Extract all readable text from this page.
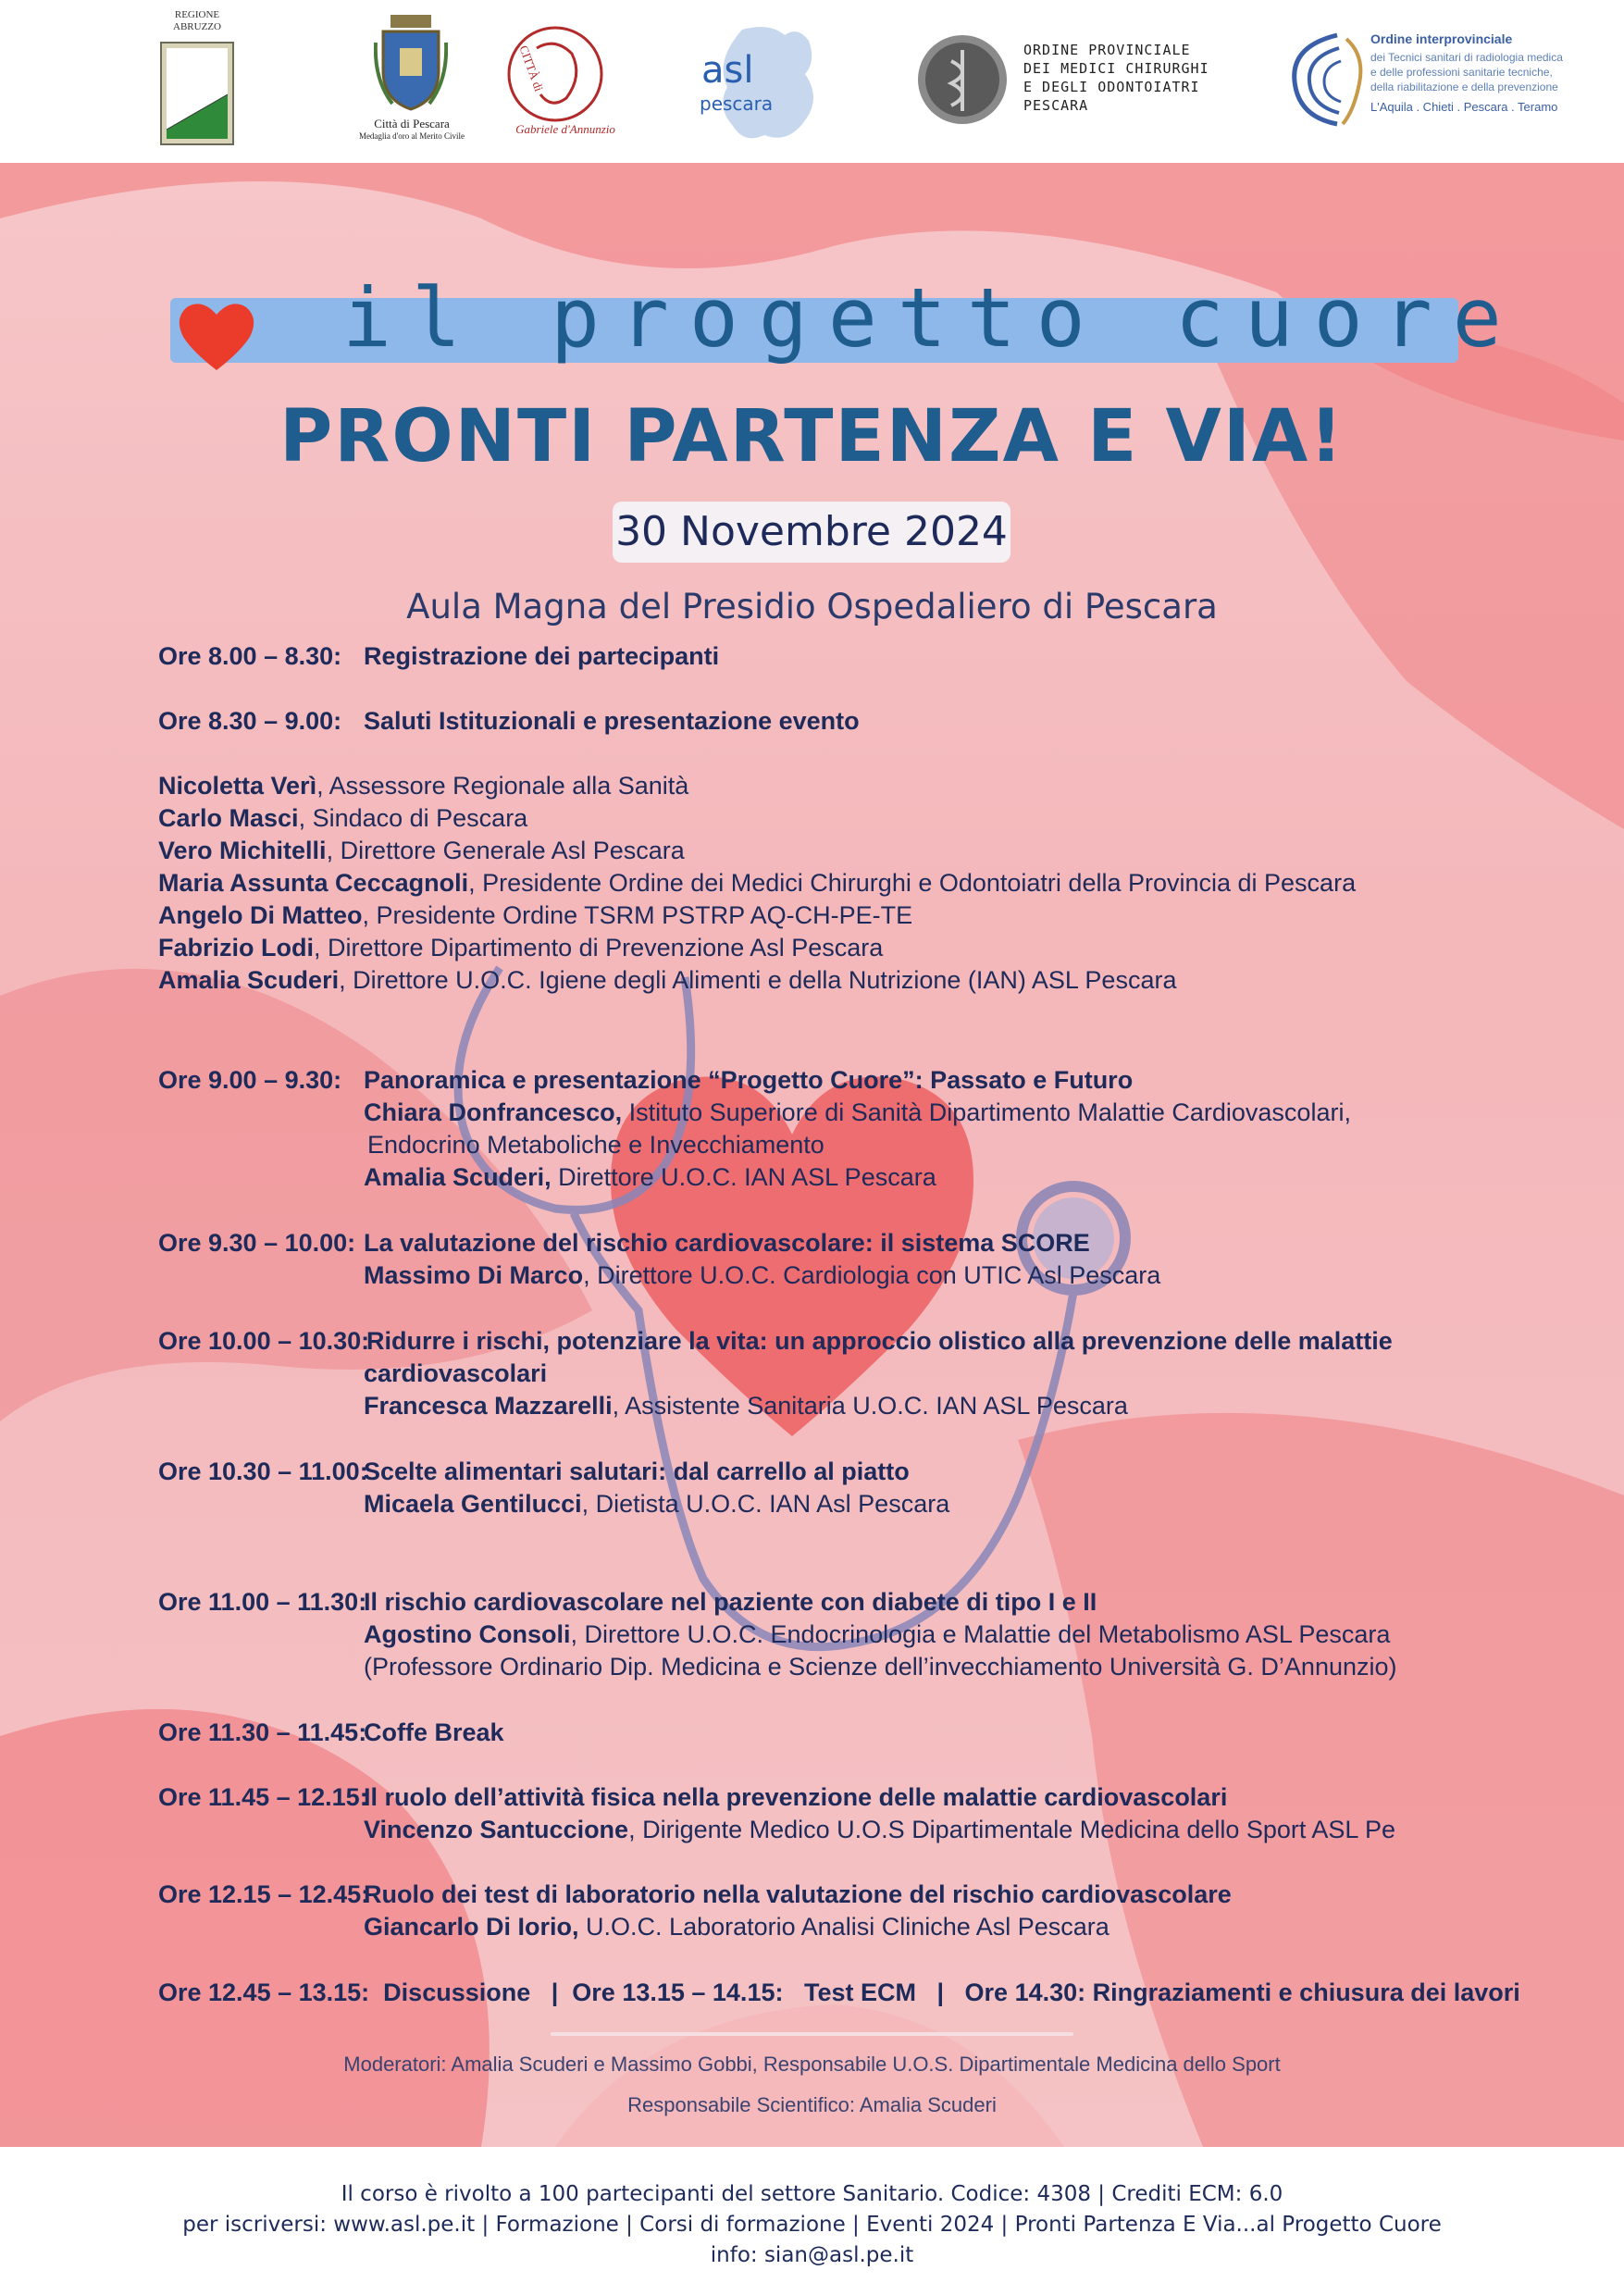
REGIONE ABRUZZO
Città di Pescara
Medaglia d'oro al Merito Civile
CITTÀ di
Gabriele d'Annunzio
asl
pescara
ORDINE PROVINCIALE
DEI MEDICI CHIRURGHI
E DEGLI ODONTOIATRI
PESCARA
Ordine interprovinciale
dei Tecnici sanitari di radiologia medica
e delle professioni sanitarie tecniche,
della riabilitazione e della prevenzione
L'Aquila . Chieti . Pescara . Teramo
il progetto cuore
PRONTI PARTENZA E VIA!
30 Novembre 2024
Aula Magna del Presidio Ospedaliero di Pescara
Ore 8.00 – 8.30: Registrazione dei partecipanti
Ore 8.30 – 9.00: Saluti Istituzionali e presentazione evento
Nicoletta Verì, Assessore Regionale alla Sanità
Carlo Masci, Sindaco di Pescara
Vero Michitelli, Direttore Generale Asl Pescara
Maria Assunta Ceccagnoli, Presidente Ordine dei Medici Chirurghi e Odontoiatri della Provincia di Pescara
Angelo Di Matteo, Presidente Ordine TSRM PSTRP AQ-CH-PE-TE
Fabrizio Lodi, Direttore Dipartimento di Prevenzione Asl Pescara
Amalia Scuderi, Direttore U.O.C. Igiene degli Alimenti e della Nutrizione (IAN) ASL Pescara
Ore 9.00 – 9.30: Panoramica e presentazione “Progetto Cuore”: Passato e Futuro
Chiara Donfrancesco, Istituto Superiore di Sanità Dipartimento Malattie Cardiovascolari,
Endocrino Metaboliche e Invecchiamento
Amalia Scuderi, Direttore U.O.C. IAN ASL Pescara
Ore 9.30 – 10.00: La valutazione del rischio cardiovascolare: il sistema SCORE
Massimo Di Marco, Direttore U.O.C. Cardiologia con UTIC Asl Pescara
Ore 10.00 – 10.30:
Ridurre i rischi, potenziare la vita: un approccio olistico alla prevenzione delle malattie
cardiovascolari
Francesca Mazzarelli, Assistente Sanitaria U.O.C. IAN ASL Pescara
Ore 10.30 – 11.00:
Scelte alimentari salutari: dal carrello al piatto
Micaela Gentilucci, Dietista U.O.C. IAN Asl Pescara
Ore 11.00 – 11.30:
Il rischio cardiovascolare nel paziente con diabete di tipo I e II
Agostino Consoli, Direttore U.O.C. Endocrinologia e Malattie del Metabolismo ASL Pescara
(Professore Ordinario Dip. Medicina e Scienze dell’invecchiamento Università G. D’Annunzio)
Ore 11.30 – 11.45:
Coffe Break
Ore 11.45 – 12.15:
Il ruolo dell’attività fisica nella prevenzione delle malattie cardiovascolari
Vincenzo Santuccione, Dirigente Medico U.O.S Dipartimentale Medicina dello Sport ASL Pe
Ore 12.15 – 12.45:
Ruolo dei test di laboratorio nella valutazione del rischio cardiovascolare
Giancarlo Di Iorio, U.O.C. Laboratorio Analisi Cliniche Asl Pescara
Ore 12.45 – 13.15:  Discussione   |  Ore 13.15 – 14.15:   Test ECM   |   Ore 14.30: Ringraziamenti e chiusura dei lavori
Moderatori: Amalia Scuderi e Massimo Gobbi, Responsabile U.O.S. Dipartimentale Medicina dello Sport
Responsabile Scientifico: Amalia Scuderi
Il corso è rivolto a 100 partecipanti del settore Sanitario. Codice: 4308 | Crediti ECM: 6.0
per iscriversi: www.asl.pe.it | Formazione | Corsi di formazione | Eventi 2024 | Pronti Partenza E Via...al Progetto Cuore
info: sian@asl.pe.it
